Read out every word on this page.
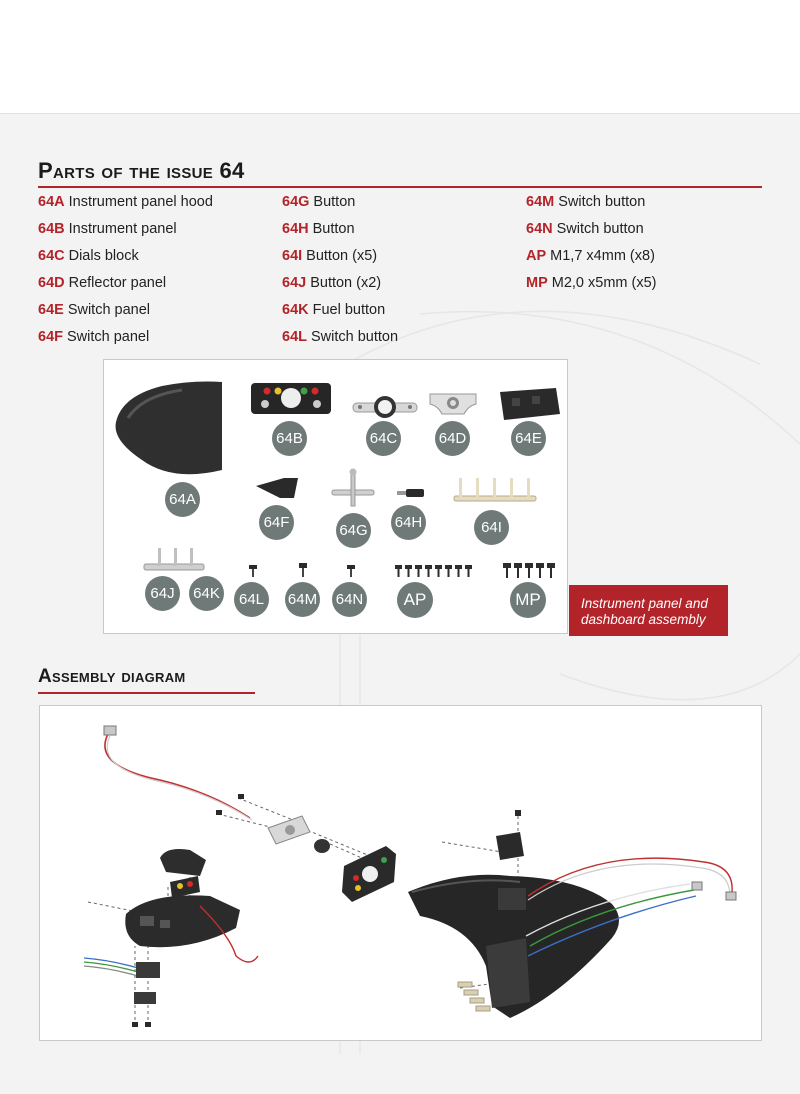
Parts of the issue 64
64A Instrument panel hood
64B Instrument panel
64C Dials block
64D Reflector panel
64E Switch panel
64F Switch panel
64G Button
64H Button
64I Button (x5)
64J Button (x2)
64K Fuel button
64L Switch button
64M Switch button
64N Switch button
AP M1,7 x4mm (x8)
MP M2,0 x5mm (x5)
64A
64B	64C	64D	64E
64F	64G 64H	64I
64J	64K	64L	64M 64N	AP	MP	Instrument panel and
dashboard assembly
Assembly diagram
